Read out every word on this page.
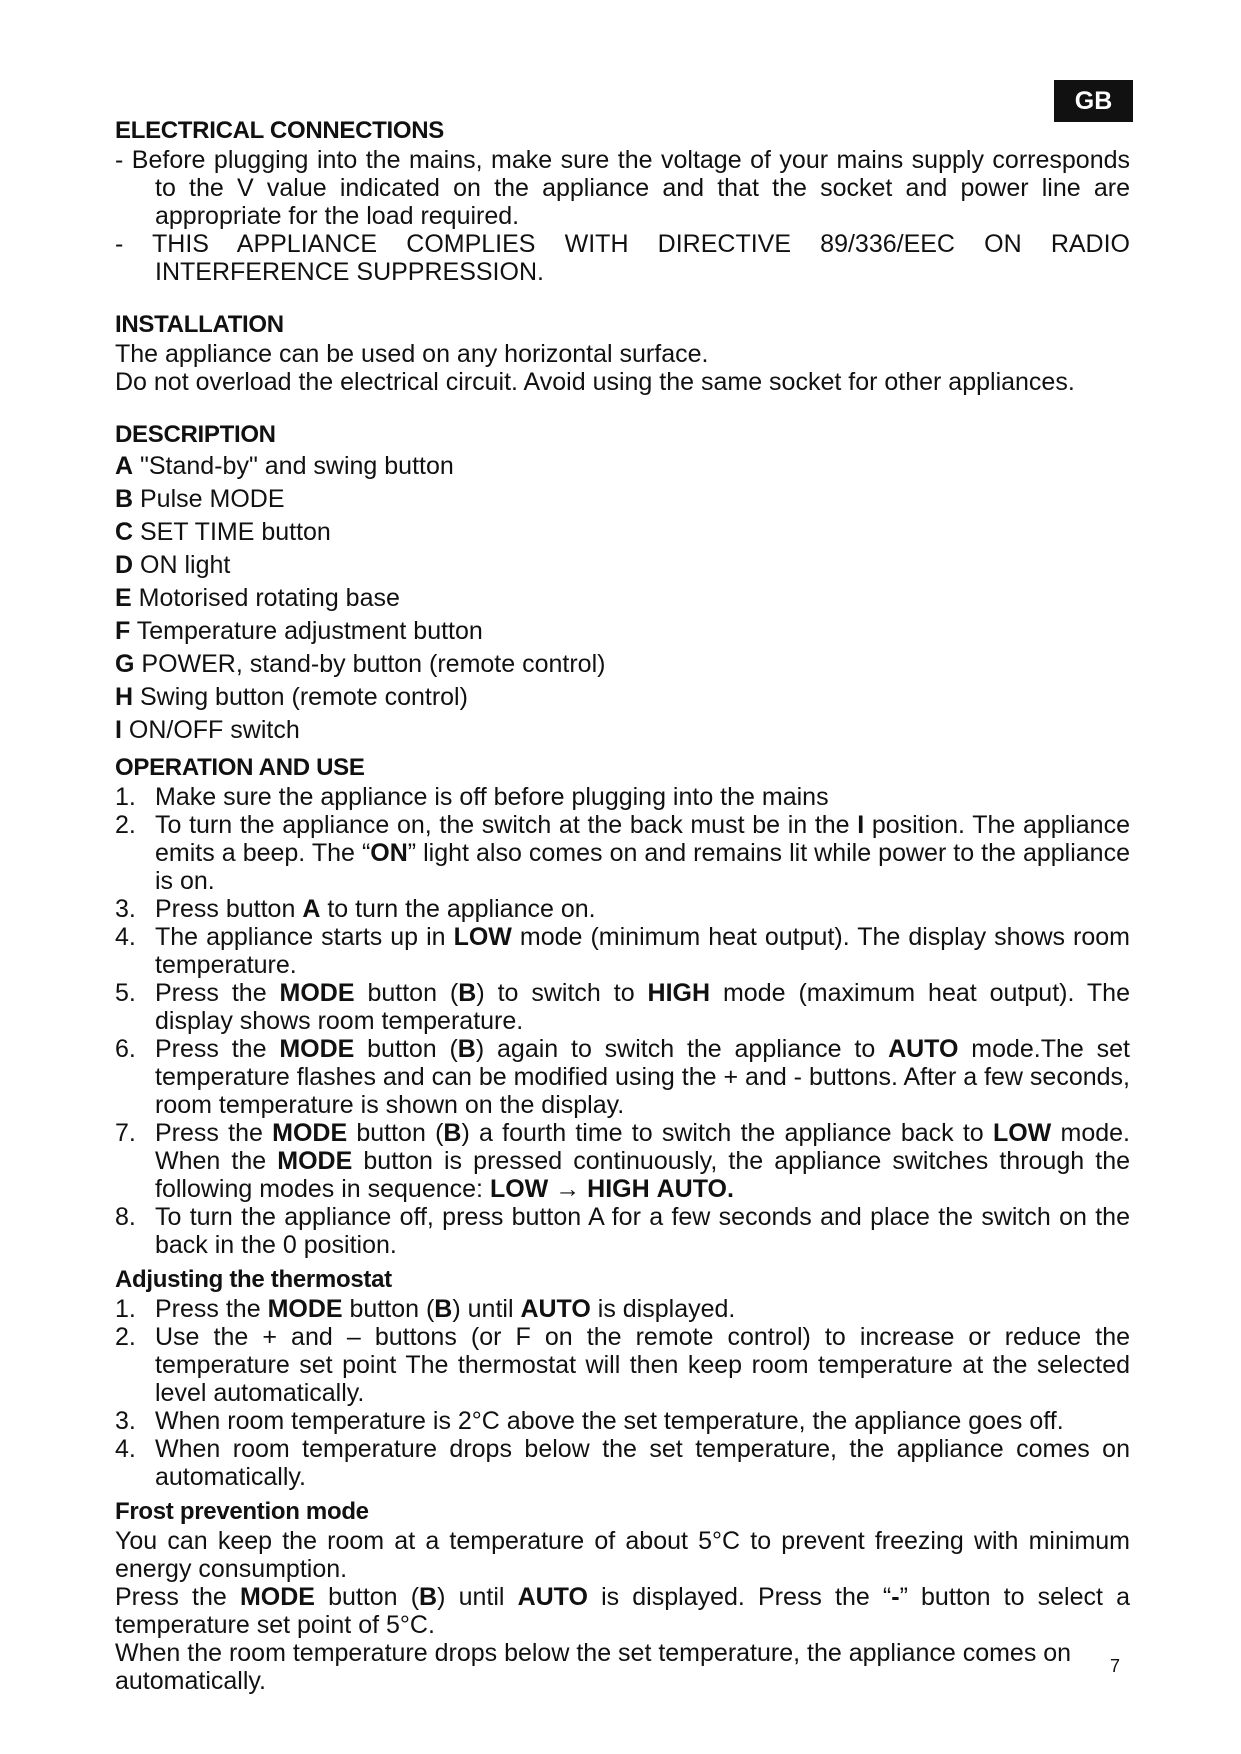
GB
ELECTRICAL CONNECTIONS
- Before plugging into the mains, make sure the voltage of your mains supply corresponds to the V value indicated on the appliance and that the socket and power line are appropriate for the load required.
- THIS APPLIANCE COMPLIES WITH DIRECTIVE 89/336/EEC ON RADIO INTERFERENCE SUPPRESSION.
INSTALLATION

The appliance can be used on any horizontal surface.

Do not overload the electrical circuit. Avoid using the same socket for other appliances.

DESCRIPTION
A "Stand-by" and swing button
B Pulse MODE
C SET TIME button
D ON light
E Motorised rotating base
F Temperature adjustment button
G POWER, stand-by button (remote control)
H Swing button (remote control)
I ON/OFF switch
OPERATION AND USE
1. Make sure the appliance is off before plugging into the mains
2. To turn the appliance on, the switch at the back must be in the I position. The appliance emits a beep. The “ON” light also comes on and remains lit while power to the appliance is on.
3. Press button A to turn the appliance on.
4. The appliance starts up in LOW mode (minimum heat output). The display shows room temperature.
5. Press the MODE button (B) to switch to HIGH mode (maximum heat output). The display shows room temperature.
6. Press the MODE button (B) again to switch the appliance to AUTO mode.The set temperature flashes and can be modified using the + and - buttons. After a few seconds, room temperature is shown on the display.
7. Press the MODE button (B) a fourth time to switch the appliance back to LOW mode. When the MODE button is pressed continuously, the appliance switches through the following modes in sequence: LOW → HIGH AUTO.
8. To turn the appliance off, press button A for a few seconds and place the switch on the back in the 0 position.
Adjusting the thermostat
1. Press the MODE button (B) until AUTO is displayed.
2. Use the + and – buttons (or F on the remote control) to increase or reduce the temperature set point The thermostat will then keep room temperature at the selected level automatically.
3. When room temperature is 2°C above the set temperature, the appliance goes off.
4. When room temperature drops below the set temperature, the appliance comes on automatically.
Frost prevention mode

You can keep the room at a temperature of about 5°C to prevent freezing with minimum energy consumption.

Press the MODE button (B) until AUTO is displayed. Press the “-” button to select a temperature set point of 5°C.

When the room temperature drops below the set temperature, the appliance comes on automatically.

7
